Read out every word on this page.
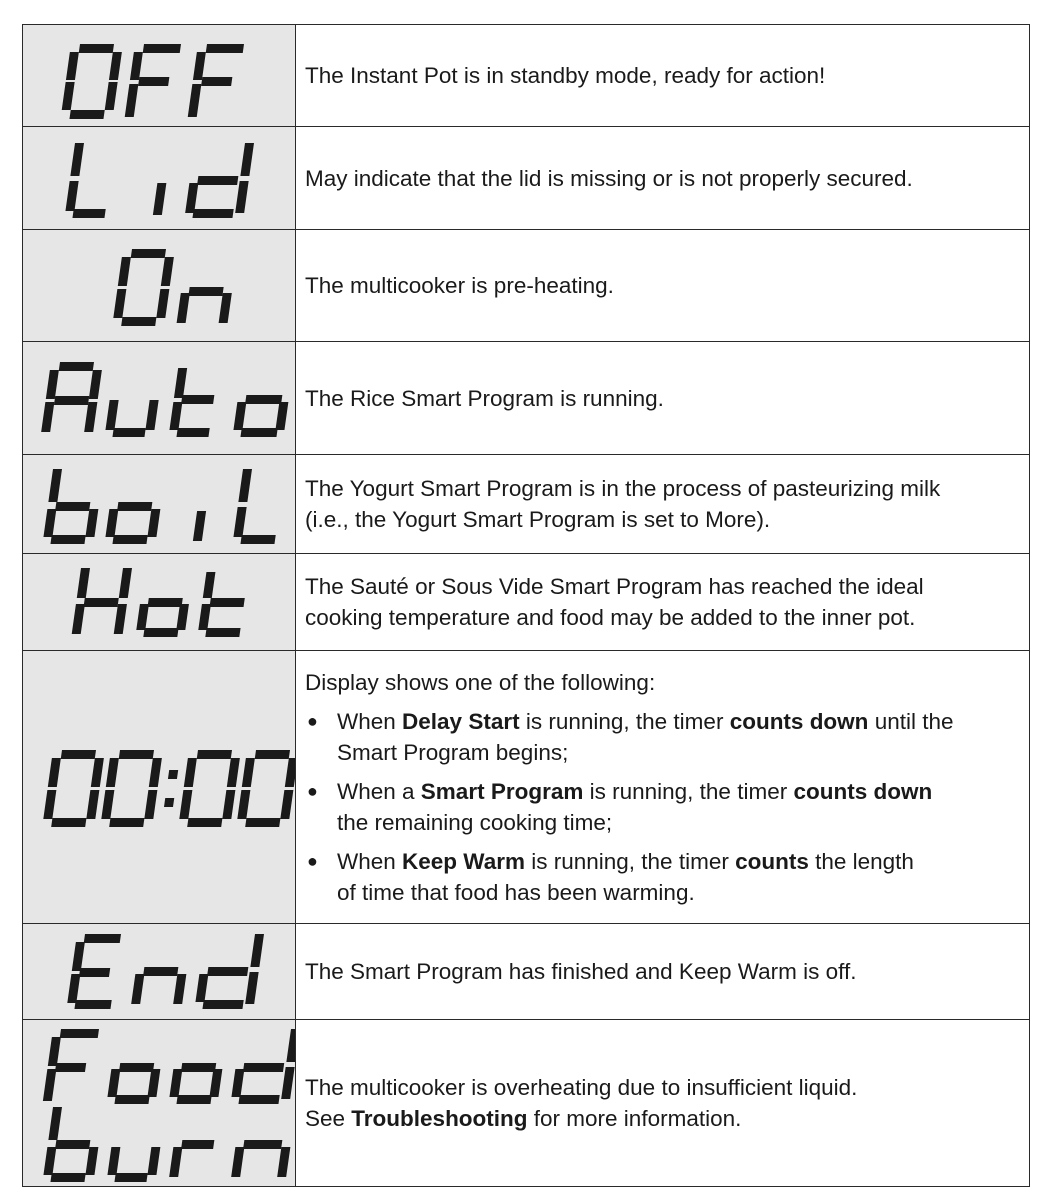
The Instant Pot is in standby mode, ready for action!

May indicate that the lid is missing or is not properly secured.

The multicooker is pre-heating.

The Rice Smart Program is running.

The Yogurt Smart Program is in the process of pasteurizing milk

(i.e., the Yogurt Smart Program is set to More).

The Sauté or Sous Vide Smart Program has reached the ideal

cooking temperature and food may be added to the inner pot.

Display shows one of the following:

● When Delay Start is running, the timer counts down until the
Smart Program begins;
● When a Smart Program is running, the timer counts down
the remaining cooking time;
● When Keep Warm is running, the timer counts the length
of time that food has been warming.

The Smart Program has finished and Keep Warm is off.

The multicooker is overheating due to insufficient liquid.

See Troubleshooting for more information.
